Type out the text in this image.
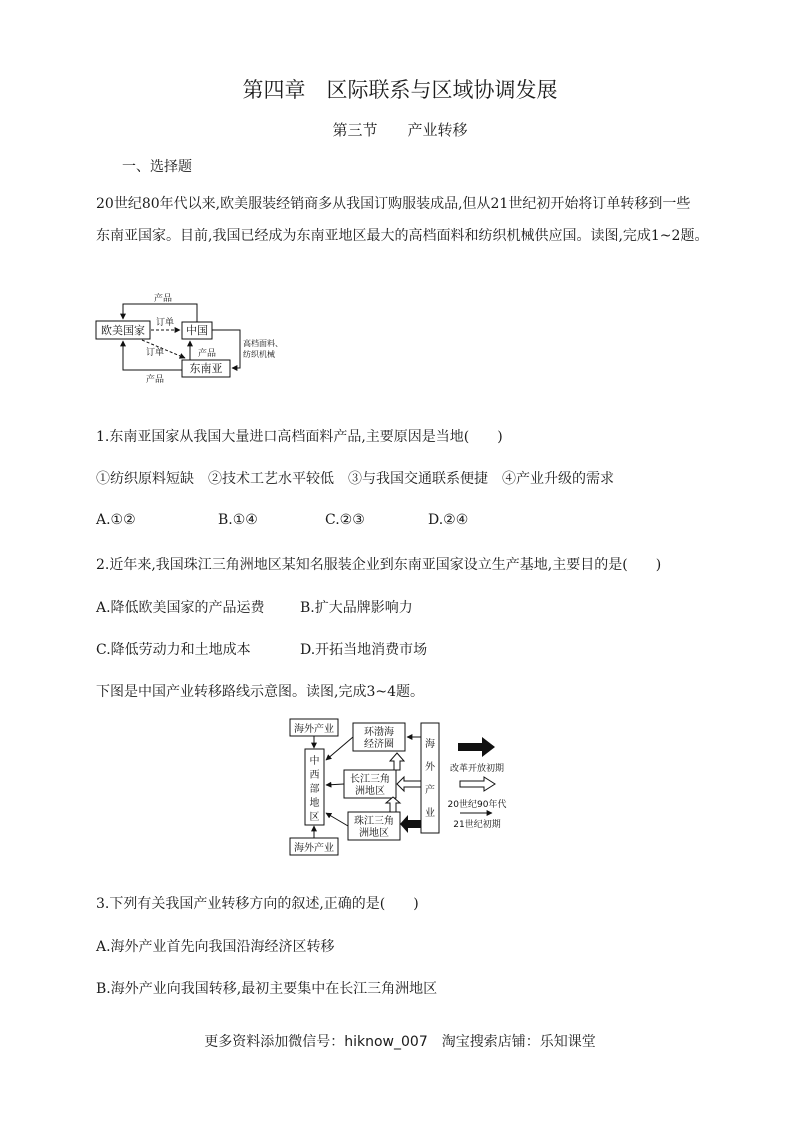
第四章　区际联系与区域协调发展
第三节　　产业转移
一、选择题
20世纪80年代以来,欧美服装经销商多从我国订购服装成品,但从21世纪初开始将订单转移到一些
东南亚国家。目前,我国已经成为东南亚地区最大的高档面料和纺织机械供应国。读图,完成1~2题。
欧美国家	中国
东南亚
产品
订单
订单	产品
高档面料、
纺织机械
产品
1.东南亚国家从我国大量进口高档面料产品,主要原因是当地(　　)
①纺织原料短缺　②技术工艺水平较低　③与我国交通联系便捷　④产业升级的需求
A.①②	B.①④	C.②③	D.②④
2.近年来,我国珠江三角洲地区某知名服装企业到东南亚国家设立生产基地,主要目的是(　　)
A.降低欧美国家的产品运费	B.扩大品牌影响力
C.降低劳动力和土地成本	D.开拓当地消费市场
下图是中国产业转移路线示意图。读图,完成3~4题。
海外产业
海外产业
中
西
部
地
区
环渤海
经济圈
长江三角
洲地区
珠江三角
洲地区
海
外
产
业
改革开放初期
20世纪90年代
21世纪初期
3.下列有关我国产业转移方向的叙述,正确的是(　　)
A.海外产业首先向我国沿海经济区转移
B.海外产业向我国转移,最初主要集中在长江三角洲地区
更多资料添加微信号：hiknow_007　淘宝搜索店铺：乐知课堂
